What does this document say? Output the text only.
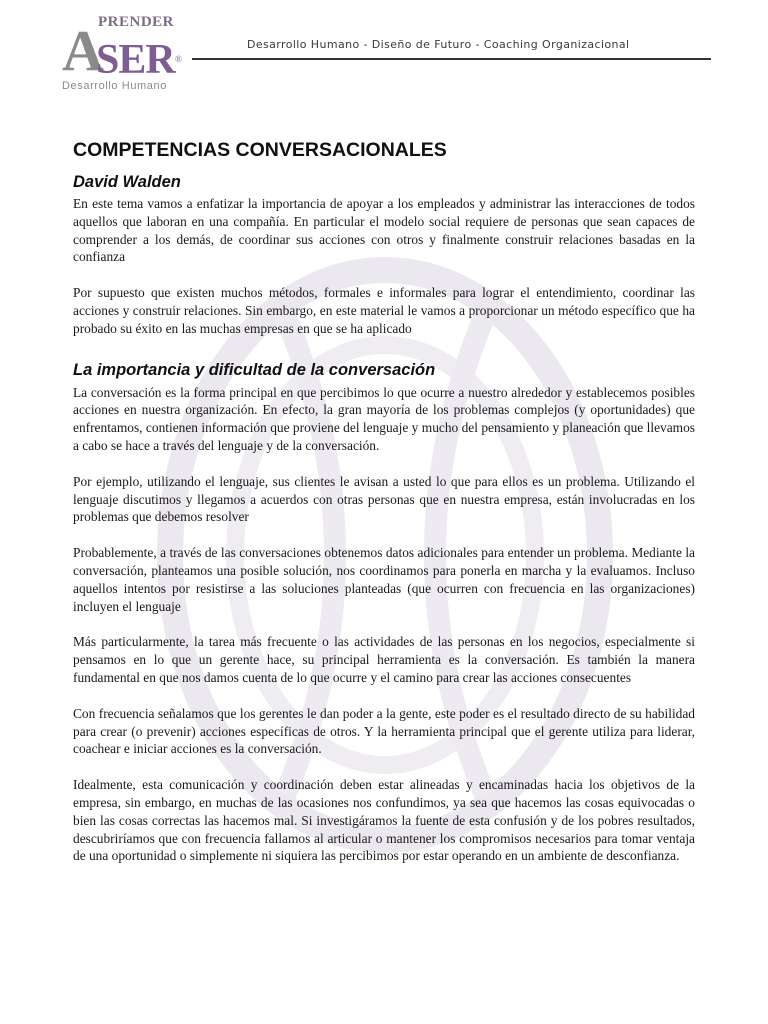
PRENDER
A
SER ®
Desarrollo Humano
Desarrollo Humano - Diseño de Futuro - Coaching Organizacional
COMPETENCIAS CONVERSACIONALES
David Walden

En este tema vamos a enfatizar la importancia de apoyar a los empleados y administrar las interacciones de todos aquellos que laboran en una compañía. En particular el modelo social requiere de personas que sean capaces de comprender a los demás, de coordinar sus acciones con otros y finalmente construir relaciones basadas en la confianza

Por supuesto que existen muchos métodos, formales e informales para lograr el entendimiento, coordinar las acciones y construir relaciones. Sin embargo, en este material le vamos a proporcionar un método específico que ha probado su éxito en las muchas empresas en que se ha aplicado

La importancia y dificultad de la conversación

La conversación es la forma principal en que percibimos lo que ocurre a nuestro alrededor y establecemos posibles acciones en nuestra organización. En efecto, la gran mayoría de los problemas complejos (y oportunidades) que enfrentamos, contienen información que proviene del lenguaje y mucho del pensamiento y planeación que llevamos a cabo se hace a través del lenguaje y de la conversación.

Por ejemplo, utilizando el lenguaje, sus clientes le avisan a usted lo que para ellos es un problema. Utilizando el lenguaje discutimos y llegamos a acuerdos con otras personas que en nuestra empresa, están involucradas en los problemas que debemos resolver

Probablemente, a través de las conversaciones obtenemos datos adicionales para entender un problema. Mediante la conversación, planteamos una posible solución, nos coordinamos para ponerla en marcha y la evaluamos. Incluso aquellos intentos por resistirse a las soluciones planteadas (que ocurren con frecuencia en las organizaciones) incluyen el lenguaje

Más particularmente, la tarea más frecuente o las actividades de las personas en los negocios, especialmente si pensamos en lo que un gerente hace, su principal herramienta es la conversación. Es también la manera fundamental en que nos damos cuenta de lo que ocurre y el camino para crear las acciones consecuentes

Con frecuencia señalamos que los gerentes le dan poder a la gente, este poder es el resultado directo de su habilidad para crear (o prevenir) acciones específicas de otros. Y la herramienta principal que el gerente utiliza para liderar, coachear e iniciar acciones es la conversación.

Idealmente, esta comunicación y coordinación deben estar alineadas y encaminadas hacia los objetivos de la empresa, sin embargo, en muchas de las ocasiones nos confundimos, ya sea que hacemos las cosas equivocadas o bien las cosas correctas las hacemos mal. Si investigáramos la fuente de esta confusión y de los pobres resultados, descubriríamos que con frecuencia fallamos al articular o mantener los compromisos necesarios para tomar ventaja de una oportunidad o simplemente ni siquiera las percibimos por estar operando en un ambiente de desconfianza.
